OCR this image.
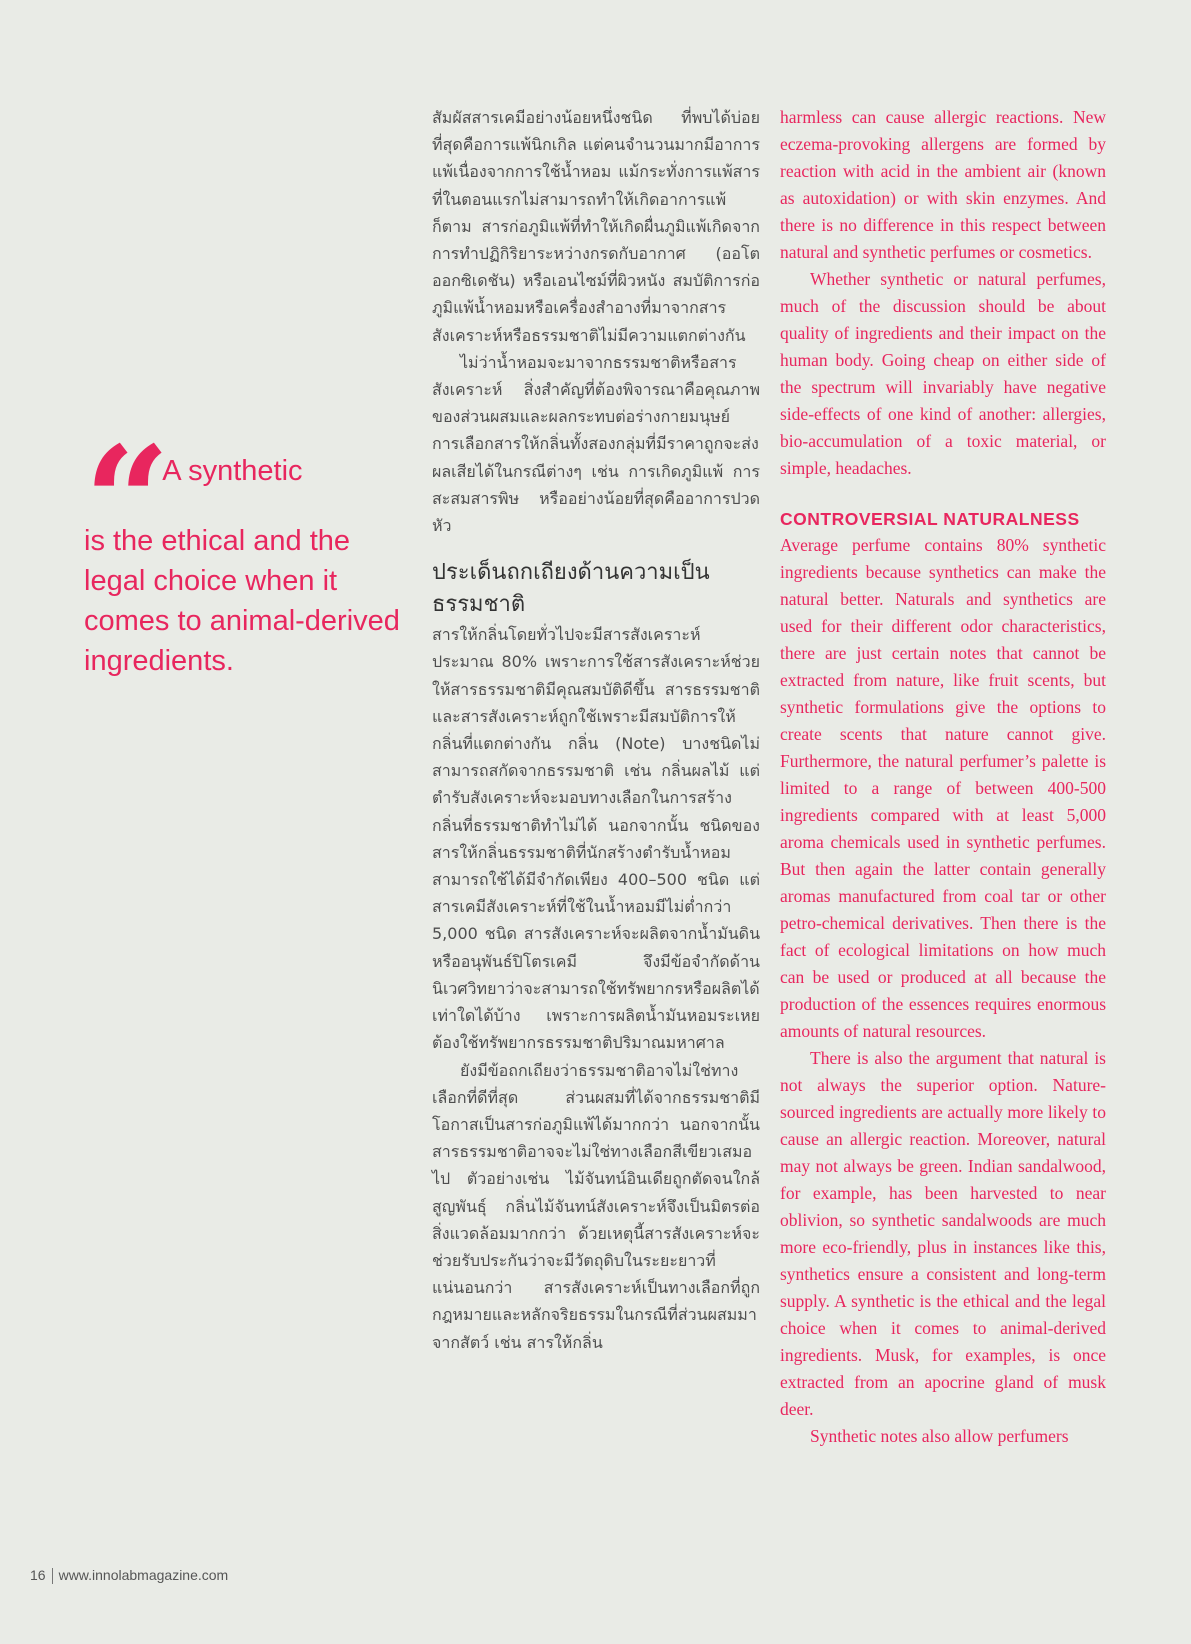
“ A synthetic
is the ethical and the legal choice when it comes to animal-derived ingredients.

สัมผัสสารเคมีอย่างน้อยหนึ่งชนิด ที่พบได้บ่อยที่สุดคือการแพ้นิกเกิล แต่คนจำนวนมากมีอาการแพ้เนื่องจากการใช้น้ำหอม แม้กระทั่งการแพ้สารที่ในตอนแรกไม่สามารถทำให้เกิดอาการแพ้ก็ตาม สารก่อภูมิแพ้ที่ทำให้เกิดผื่นภูมิแพ้เกิดจากการทำปฏิกิริยาระหว่างกรดกับอากาศ (ออโตออกซิเดชัน) หรือเอนไซม์ที่ผิวหนัง สมบัติการก่อภูมิแพ้น้ำหอมหรือเครื่องสำอางที่มาจากสารสังเคราะห์หรือธรรมชาติไม่มีความแตกต่างกัน

ไม่ว่าน้ำหอมจะมาจากธรรมชาติหรือสารสังเคราะห์ สิ่งสำคัญที่ต้องพิจารณาคือคุณภาพของส่วนผสมและผลกระทบต่อร่างกายมนุษย์ การเลือกสารให้กลิ่นทั้งสองกลุ่มที่มีราคาถูกจะส่งผลเสียได้ในกรณีต่างๆ เช่น การเกิดภูมิแพ้ การสะสมสารพิษ หรืออย่างน้อยที่สุดคืออาการปวดหัว

ประเด็นถกเถียงด้านความเป็นธรรมชาติ

สารให้กลิ่นโดยทั่วไปจะมีสารสังเคราะห์ประมาณ 80% เพราะการใช้สารสังเคราะห์ช่วยให้สารธรรมชาติมีคุณสมบัติดีขึ้น สารธรรมชาติและสารสังเคราะห์ถูกใช้เพราะมีสมบัติการให้กลิ่นที่แตกต่างกัน กลิ่น (Note) บางชนิดไม่สามารถสกัดจากธรรมชาติ เช่น กลิ่นผลไม้ แต่ตำรับสังเคราะห์จะมอบทางเลือกในการสร้างกลิ่นที่ธรรมชาติทำไม่ได้ นอกจากนั้น ชนิดของสารให้กลิ่นธรรมชาติที่นักสร้างตำรับน้ำหอมสามารถใช้ได้มีจำกัดเพียง 400–500 ชนิด แต่สารเคมีสังเคราะห์ที่ใช้ในน้ำหอมมีไม่ต่ำกว่า 5,000 ชนิด สารสังเคราะห์จะผลิตจากน้ำมันดินหรืออนุพันธ์ปิโตรเคมี จึงมีข้อจำกัดด้านนิเวศวิทยาว่าจะสามารถใช้ทรัพยากรหรือผลิตได้เท่าใดได้บ้าง เพราะการผลิตน้ำมันหอมระเหยต้องใช้ทรัพยากรธรรมชาติปริมาณมหาศาล

ยังมีข้อถกเถียงว่าธรรมชาติอาจไม่ใช่ทางเลือกที่ดีที่สุด ส่วนผสมที่ได้จากธรรมชาติมีโอกาสเป็นสารก่อภูมิแพ้ได้มากกว่า นอกจากนั้น สารธรรมชาติอาจจะไม่ใช่ทางเลือกสีเขียวเสมอไป ตัวอย่างเช่น ไม้จันทน์อินเดียถูกตัดจนใกล้สูญพันธุ์ กลิ่นไม้จันทน์สังเคราะห์จึงเป็นมิตรต่อสิ่งแวดล้อมมากกว่า ด้วยเหตุนี้สารสังเคราะห์จะช่วยรับประกันว่าจะมีวัตถุดิบในระยะยาวที่แน่นอนกว่า สารสังเคราะห์เป็นทางเลือกที่ถูกกฎหมายและหลักจริยธรรมในกรณีที่ส่วนผสมมาจากสัตว์ เช่น สารให้กลิ่น

harmless can cause allergic reactions. New eczema-provoking allergens are formed by reaction with acid in the ambient air (known as autoxidation) or with skin enzymes. And there is no difference in this respect between natural and synthetic perfumes or cosmetics.

Whether synthetic or natural perfumes, much of the discussion should be about quality of ingredients and their impact on the human body. Going cheap on either side of the spectrum will invariably have negative side-effects of one kind of another: allergies, bio-accumulation of a toxic material, or simple, headaches.

CONTROVERSIAL NATURALNESS

Average perfume contains 80% synthetic ingredients because synthetics can make the natural better. Naturals and synthetics are used for their different odor characteristics, there are just certain notes that cannot be extracted from nature, like fruit scents, but synthetic formulations give the options to create scents that nature cannot give. Furthermore, the natural perfumer’s palette is limited to a range of between 400-500 ingredients compared with at least 5,000 aroma chemicals used in synthetic perfumes. But then again the latter contain generally aromas manufactured from coal tar or other petro-chemical derivatives. Then there is the fact of ecological limitations on how much can be used or produced at all because the production of the essences requires enormous amounts of natural resources.

There is also the argument that natural is not always the superior option. Nature-sourced ingredients are actually more likely to cause an allergic reaction. Moreover, natural may not always be green. Indian sandalwood, for example, has been harvested to near oblivion, so synthetic sandalwoods are much more eco-friendly, plus in instances like this, synthetics ensure a consistent and long-term supply. A synthetic is the ethical and the legal choice when it comes to animal-derived ingredients. Musk, for examples, is once extracted from an apocrine gland of musk deer.

Synthetic notes also allow perfumers

16 www.innolabmagazine.com
